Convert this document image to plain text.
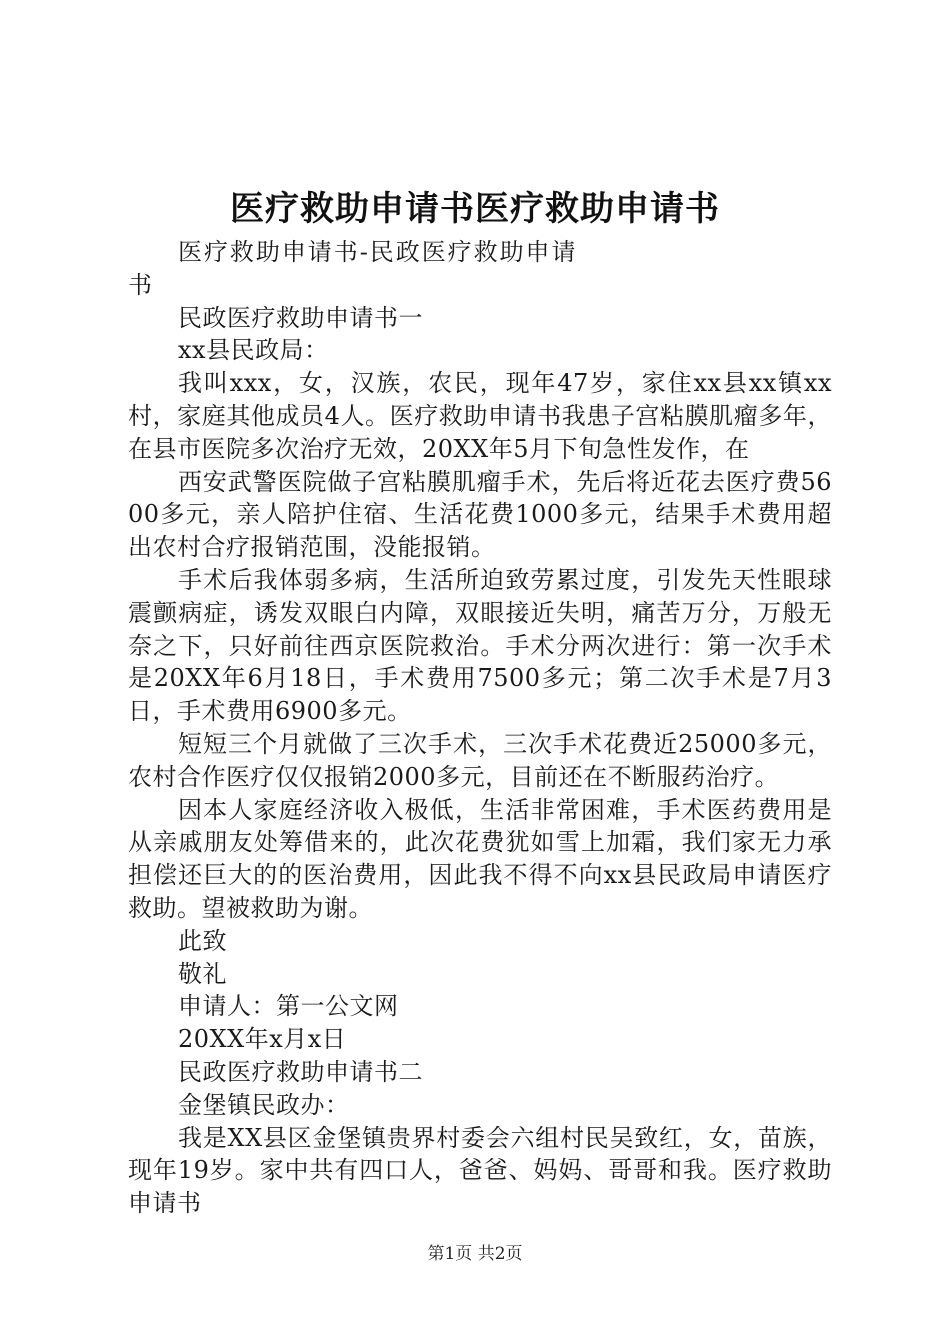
医疗救助申请书医疗救助申请书

医疗救助申请书-民政医疗救助申请书

民政医疗救助申请书一

xx县民政局：

我叫xxx，女，汉族，农民，现年47岁，家住xx县xx镇xx村，家庭其他成员4人。医疗救助申请书我患子宫粘膜肌瘤多年，在县市医院多次治疗无效，20XX年5月下旬急性发作，在

西安武警医院做子宫粘膜肌瘤手术，先后将近花去医疗费5600多元，亲人陪护住宿、生活花费1000多元，结果手术费用超出农村合疗报销范围，没能报销。

手术后我体弱多病，生活所迫致劳累过度，引发先天性眼球震颤病症，诱发双眼白内障，双眼接近失明，痛苦万分，万般无奈之下，只好前往西京医院救治。手术分两次进行：第一次手术是20XX年6月18日，手术费用7500多元；第二次手术是7月3日，手术费用6900多元。

短短三个月就做了三次手术，三次手术花费近25000多元，农村合作医疗仅仅报销2000多元，目前还在不断服药治疗。

因本人家庭经济收入极低，生活非常困难，手术医药费用是从亲戚朋友处筹借来的，此次花费犹如雪上加霜，我们家无力承担偿还巨大的的医治费用，因此我不得不向xx县民政局申请医疗救助。望被救助为谢。

此致

敬礼

申请人：第一公文网

20XX年x月x日

民政医疗救助申请书二

金堡镇民政办：

我是XX县区金堡镇贵界村委会六组村民吴致红，女，苗族，现年19岁。家中共有四口人，爸爸、妈妈、哥哥和我。医疗救助申请书

第1页 共2页
